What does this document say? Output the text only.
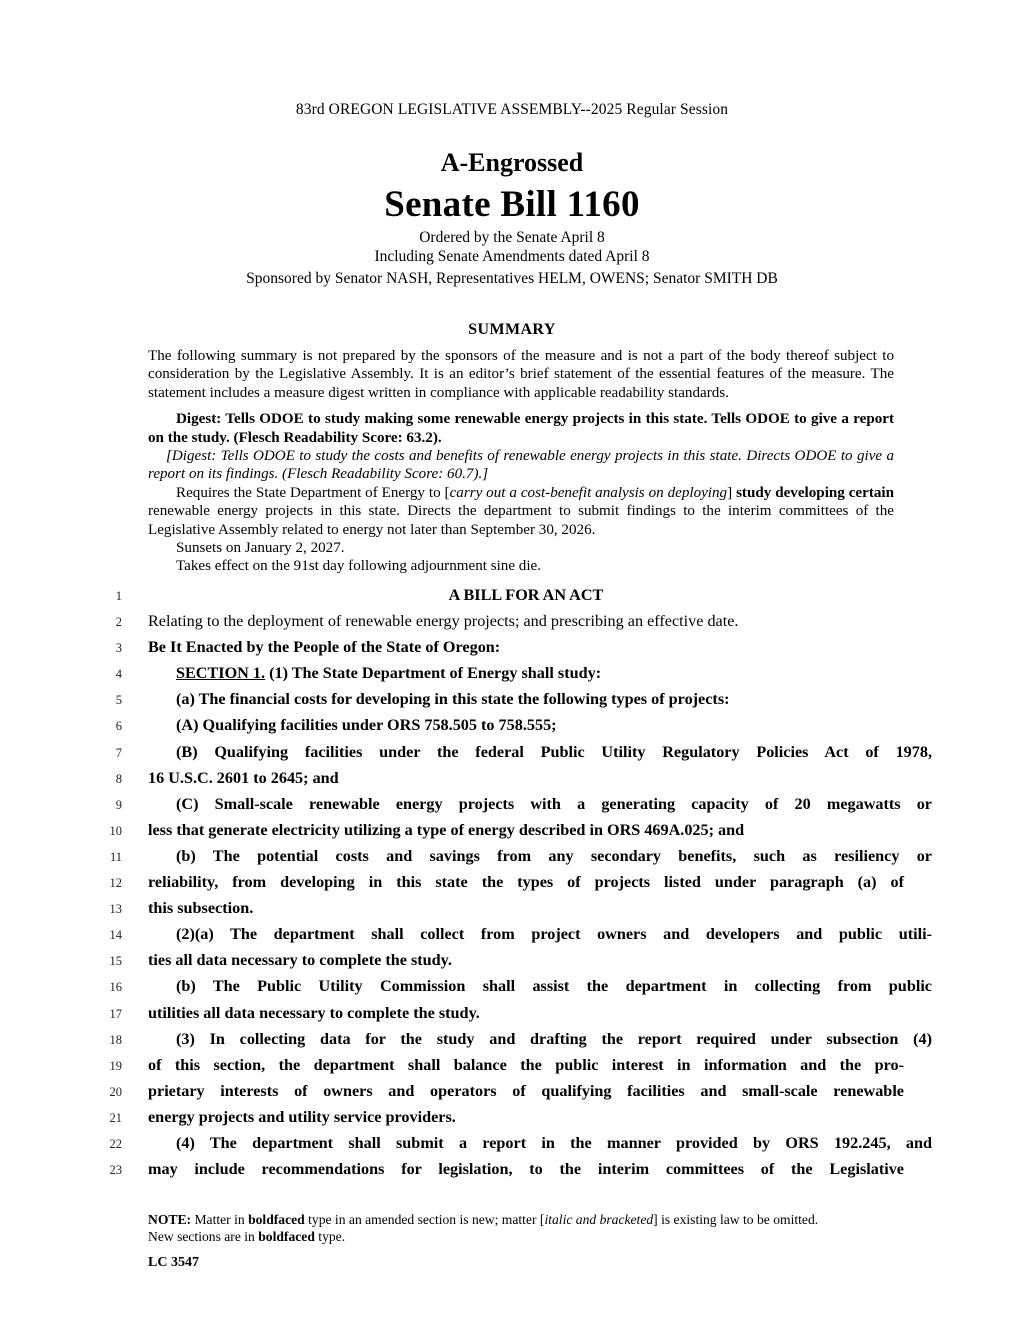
83rd OREGON LEGISLATIVE ASSEMBLY--2025 Regular Session
A-Engrossed
Senate Bill 1160
Ordered by the Senate April 8
Including Senate Amendments dated April 8
Sponsored by Senator NASH, Representatives HELM, OWENS; Senator SMITH DB
SUMMARY

The following summary is not prepared by the sponsors of the measure and is not a part of the body thereof subject to consideration by the Legislative Assembly. It is an editor’s brief statement of the essential features of the measure. The statement includes a measure digest written in compliance with applicable readability standards.

Digest: Tells ODOE to study making some renewable energy projects in this state. Tells ODOE to give a report on the study. (Flesch Readability Score: 63.2).

[Digest: Tells ODOE to study the costs and benefits of renewable energy projects in this state. Directs ODOE to give a report on its findings. (Flesch Readability Score: 60.7).]

Requires the State Department of Energy to [carry out a cost-benefit analysis on deploying] study developing certain renewable energy projects in this state. Directs the department to submit findings to the interim committees of the Legislative Assembly related to energy not later than September 30, 2026.

Sunsets on January 2, 2027.

Takes effect on the 91st day following adjournment sine die.

1	A BILL FOR AN ACT
2 Relating to the deployment of renewable energy projects; and prescribing an effective date.
3 Be It Enacted by the People of the State of Oregon:
4	SECTION 1. (1) The State Department of Energy shall study:
5	(a) The financial costs for developing in this state the following types of projects:
6	(A) Qualifying facilities under ORS 758.505 to 758.555;
7	(B) Qualifying facilities under the federal Public Utility Regulatory Policies Act of 1978,
8 16 U.S.C. 2601 to 2645; and
9	(C) Small-scale renewable energy projects with a generating capacity of 20 megawatts or
10 less that generate electricity utilizing a type of energy described in ORS 469A.025; and
11	(b) The potential costs and savings from any secondary benefits, such as resiliency or
12 reliability, from developing in this state the types of projects listed under paragraph (a) of
13 this subsection.
14	(2)(a) The department shall collect from project owners and developers and public utili-
15 ties all data necessary to complete the study.
16	(b) The Public Utility Commission shall assist the department in collecting from public
17 utilities all data necessary to complete the study.
18	(3) In collecting data for the study and drafting the report required under subsection (4)
19 of this section, the department shall balance the public interest in information and the pro-
20 prietary interests of owners and operators of qualifying facilities and small-scale renewable
21 energy projects and utility service providers.
22	(4) The department shall submit a report in the manner provided by ORS 192.245, and
23 may include recommendations for legislation, to the interim committees of the Legislative

NOTE: Matter in boldfaced type in an amended section is new; matter [italic and bracketed] is existing law to be omitted.

New sections are in boldfaced type.

LC 3547
